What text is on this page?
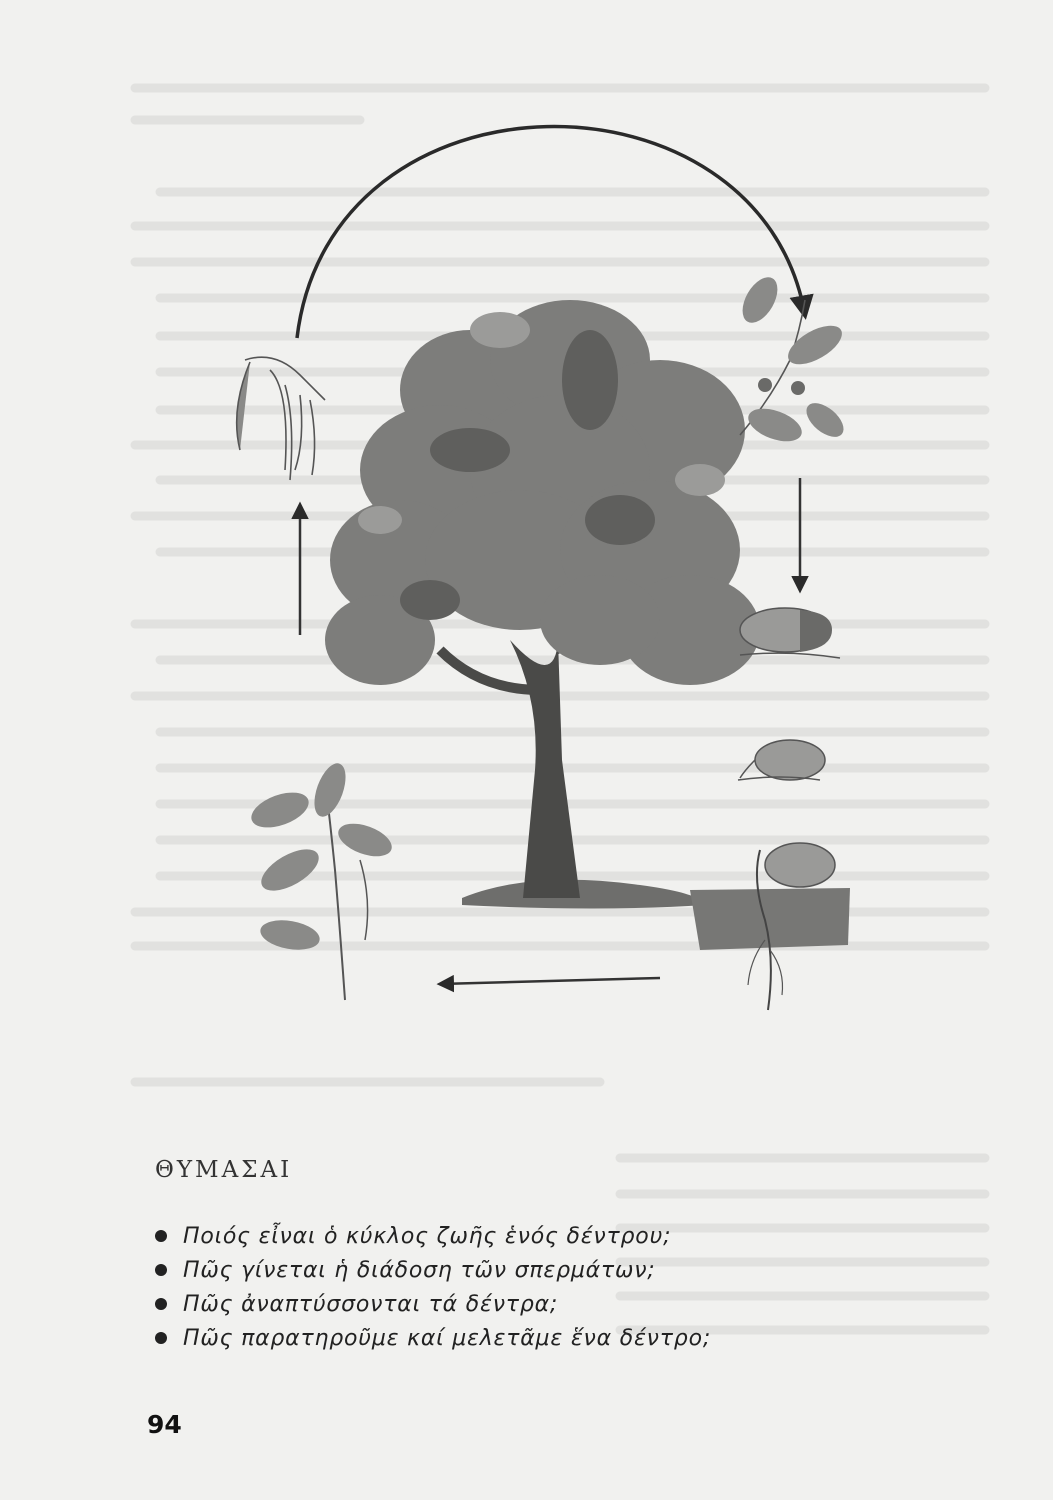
ΘΥΜΑΣΑΙ
Ποιός εἶναι ὁ κύκλος ζωῆς ἑνός δέντρου;
Πῶς γίνεται ἡ διάδοση τῶν σπερμάτων;
Πῶς ἀναπτύσσονται τά δέντρα;
Πῶς παρατηροῦμε καί μελετᾶμε ἕνα δέντρο;
94
